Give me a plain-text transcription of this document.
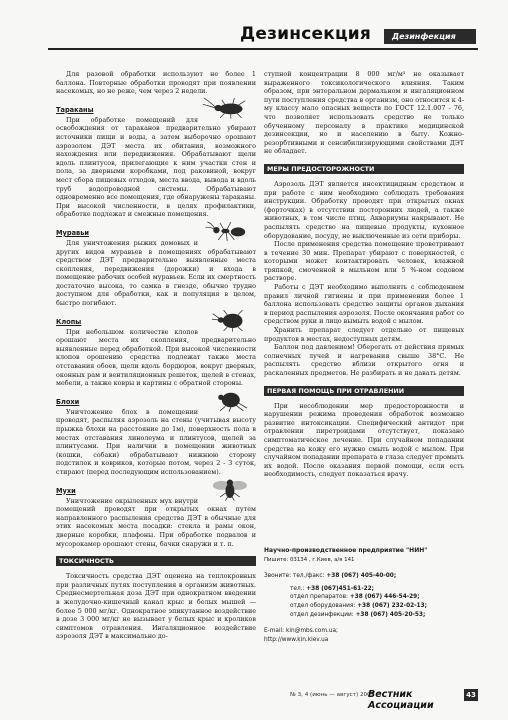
Дезинсекция	Дезинфекция

Для разовой обработки используют не более 1 баллона. Повторные обработки проводят при появлении насекомых, но не реже, чем через 2 недели.

Тараканы

При обработке помещений для освобождения от тараканов предварительно убирают источники пищи и воды, а затем выборочно орошают аэрозолем ДЭТ места их обитания, возможного нахождения или передвижения. Обрабатывают щели вдоль плинтусов, прилегающие к ним участки стен и пола, за дверными коробками, под раковиной, вокруг мест сбора пищевых отходов, места ввода, вывода и вдоль труб водопроводной системы. Обрабатывают одновременно все помещения, где обнаружены тараканы. При высокой численности, в целях профилактики, обработке подлежат и смежные помещения.

Муравьи

Для уничтожения рыжих домовых и других видов муравьев в помещениях обрабатывают средством ДЭТ предварительно выявленные места скопления, передвижения (дорожки) и входа в помещение рабочих особей муравьев. Если их смертность достаточно высока, то самка в гнезде, обычно трудно доступном для обработки, как и популяция в целом, быстро погибают.

Клопы

При небольшом количестве клопов орошают места их скопления, предварительно выявленные перед обработкой. При высокой численности клопов орошению средства подлежат также места отставания обоев, щели вдоль бордюров, вокруг дверных, оконных рам и вентиляционных решеток, щелей в стенах, мебели, а также ковры и картины с обратной стороны.

Блохи

Уничтожение блох в помещении проводят, распыляя аэрозоль на стены (учитывая высоту прыжка блохи на расстояние до 1м), поверхность пола в местах отставания линолеума и плинтусов, щелей за плинтусами. При наличии в помещении животных (кошки, собаки) обрабатывают нижнюю сторону подстилок и ковриков, которые потом, через 2 - 3 суток, стирают (перед последующим использованием).

Мухи

Уничтожение окрыленных мух внутри помещений проводят при открытых окнах путем направленного распыления средства ДЭТ в обычные для этих насекомых места посадки: стекла и рамы окон, дверные коробки, плафоны. При обработке подвалов и мусорокамер орошают стены, бачки снаружи и т. п.

ТОКСИЧНОСТЬ

Токсичность средства ДЭТ оценена на теплокровных при различных путях поступления в организм животных. Среднесмертельная доза ДЭТ при однократном введении в желудочно-кишечный канал крыс и белых мышей — более 5 000 мг/кг. Однократное эпикутанное воздействие в дозе 3 000 мг/кг не вызывает у белых крыс и кроликов симптомов отравления. Ингаляционное воздействие аэрозоля ДЭТ в максимально до-

ступной концентрации 8 000 мг/м³ не оказывает выраженного токсикологического влияния. Таким образом, при энтеральном дермальном и ингаляционном пути поступления средства в организм, оно относится к 4-му классу мало опасных веществ по ГОСТ 12.1.007 - 76, что позволяет использовать средство не только обученному персоналу в практике медицинской дезинсекции, но и населению в быту. Кожно-резорбтивными и сенсибилизирующими свойствами ДЭТ не обладает.

МЕРЫ ПРЕДОСТОРОЖНОСТИ

Аэрозоль ДЭТ является инсектицидным средством и при работе с ним необходимо соблюдать требования инструкции. Обработку проводят при открытых окнах (форточках) в отсутствии посторонних людей, а также животных, в том числе птиц. Аквариумы накрывают. Не распылять средство на пищевые продукты, кухонное оборудование, посуду, не выключенные из сети приборы.

После применения средства помещение проветривают в течение 30 мин. Препарат убирают с поверхностей, с которыми может контактировать человек, влажной тряпкой, смоченной в мыльном или 5 %-ном содовом растворе.

Работы с ДЭТ необходимо выполнять с соблюдением правил личной гигиены и при применении более 1 баллона использовать средство защиты органов дыхания в период распыления аэрозоля. После окончания работ со средством руки и лицо вымыть водой с мылом.

Хранить препарат следует отдельно от пищевых продуктов в местах, недоступных детям.

Баллон под давлением! Оберегать от действия прямых солнечных лучей и нагревания свыше 38°С. Не распылять средство вблизи открытого огня и раскаленных предметов. Не разбирать и не давать детям.

ПЕРВАЯ ПОМОЩЬ ПРИ ОТРАВЛЕНИИ

При несоблюдении мер предосторожности и нарушении режима проведения обработок возможно развитие интоксикации. Специфический антидот при отравлении пиретроидами отсутствует, показано симптоматическое лечение. При случайном попадании средства на кожу его нужно смыть водой с мылом. При случайном попадании препарата в глаза следует промыть их водой. После оказания первой помощи, если есть необходимость, следует показаться врачу.

Научно-производственное предприятие "НИН"
Пишите: 03134 , г.Киев, а/я 141
Звоните: тел./факс: +38 (067) 405-40-00;
тел.: +38 (067)451-61-22;
отдел препаратов: +38 (067) 446-54-29;
отдел оборудования: +38 (067) 232-02-13;
отдел дезинфекции: +38 (067) 405-20-53;
E-mail: kin@mbs.com.ua;
http://www.kin.kiev.ua
№ 3, 4 (июнь — август) 2003
Вестник Ассоциации
43
